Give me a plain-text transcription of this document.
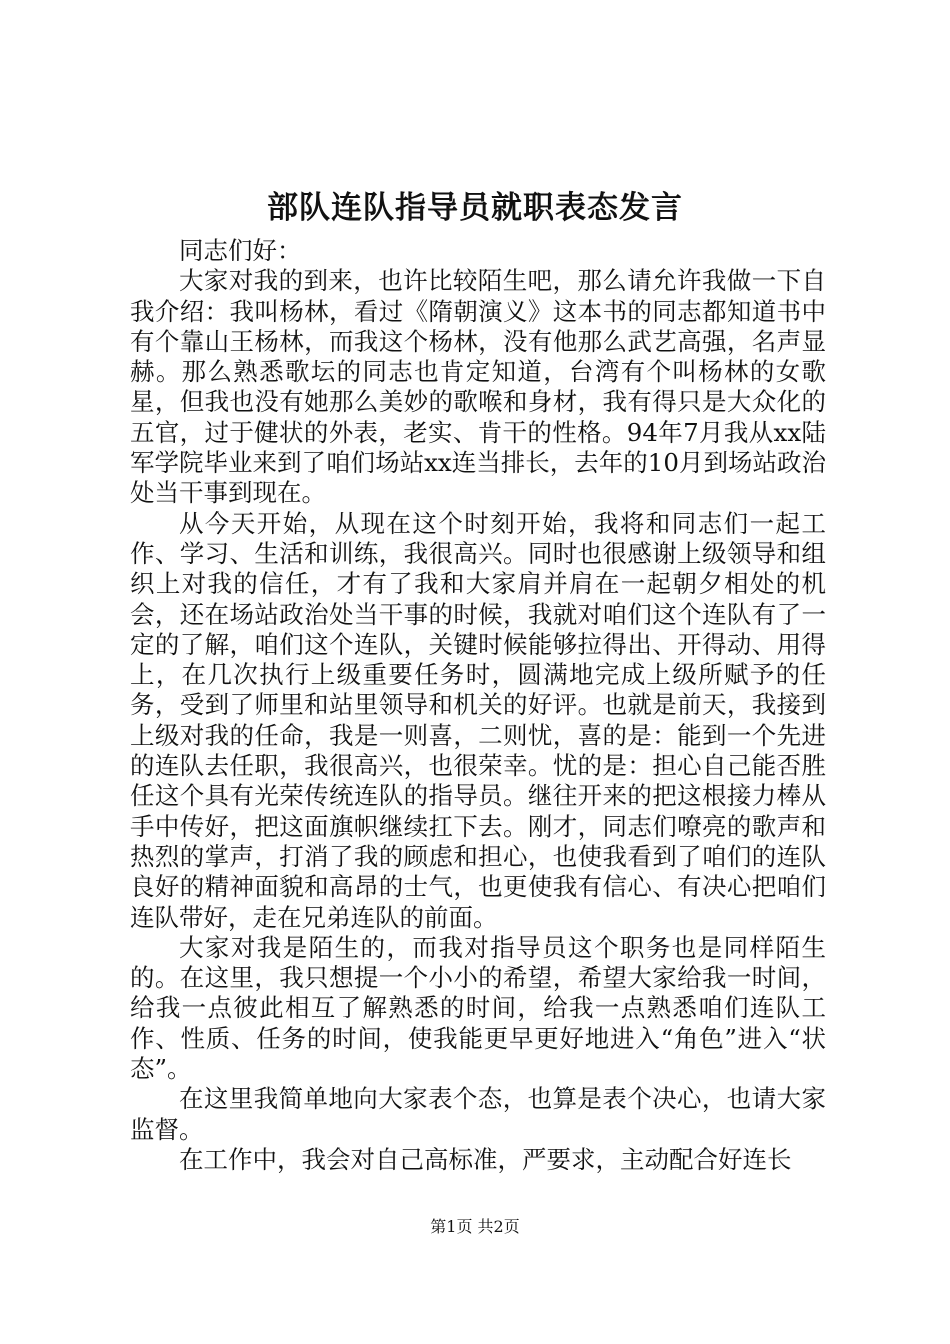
部队连队指导员就职表态发言

同志们好：

大家对我的到来，也许比较陌生吧，那么请允许我做一下自我介绍：我叫杨林，看过《隋朝演义》这本书的同志都知道书中有个靠山王杨林，而我这个杨林，没有他那么武艺高强，名声显赫。那么熟悉歌坛的同志也肯定知道，台湾有个叫杨林的女歌星，但我也没有她那么美妙的歌喉和身材，我有得只是大众化的五官，过于健状的外表，老实、肯干的性格。94年7月我从xx陆军学院毕业来到了咱们场站xx连当排长，去年的10月到场站政治处当干事到现在。

从今天开始，从现在这个时刻开始，我将和同志们一起工作、学习、生活和训练，我很高兴。同时也很感谢上级领导和组织上对我的信任，才有了我和大家肩并肩在一起朝夕相处的机会，还在场站政治处当干事的时候，我就对咱们这个连队有了一定的了解，咱们这个连队，关键时候能够拉得出、开得动、用得上，在几次执行上级重要任务时，圆满地完成上级所赋予的任务，受到了师里和站里领导和机关的好评。也就是前天，我接到上级对我的任命，我是一则喜，二则忧，喜的是：能到一个先进的连队去任职，我很高兴，也很荣幸。忧的是：担心自己能否胜任这个具有光荣传统连队的指导员。继往开来的把这根接力棒从手中传好，把这面旗帜继续扛下去。刚才，同志们嘹亮的歌声和热烈的掌声，打消了我的顾虑和担心，也使我看到了咱们的连队良好的精神面貌和高昂的士气，也更使我有信心、有决心把咱们连队带好，走在兄弟连队的前面。

大家对我是陌生的，而我对指导员这个职务也是同样陌生的。在这里，我只想提一个小小的希望，希望大家给我一时间，给我一点彼此相互了解熟悉的时间，给我一点熟悉咱们连队工作、性质、任务的时间，使我能更早更好地进入“角色”进入“状态”。

在这里我简单地向大家表个态，也算是表个决心，也请大家监督。

在工作中，我会对自己高标准，严要求，主动配合好连长

第1页 共2页
